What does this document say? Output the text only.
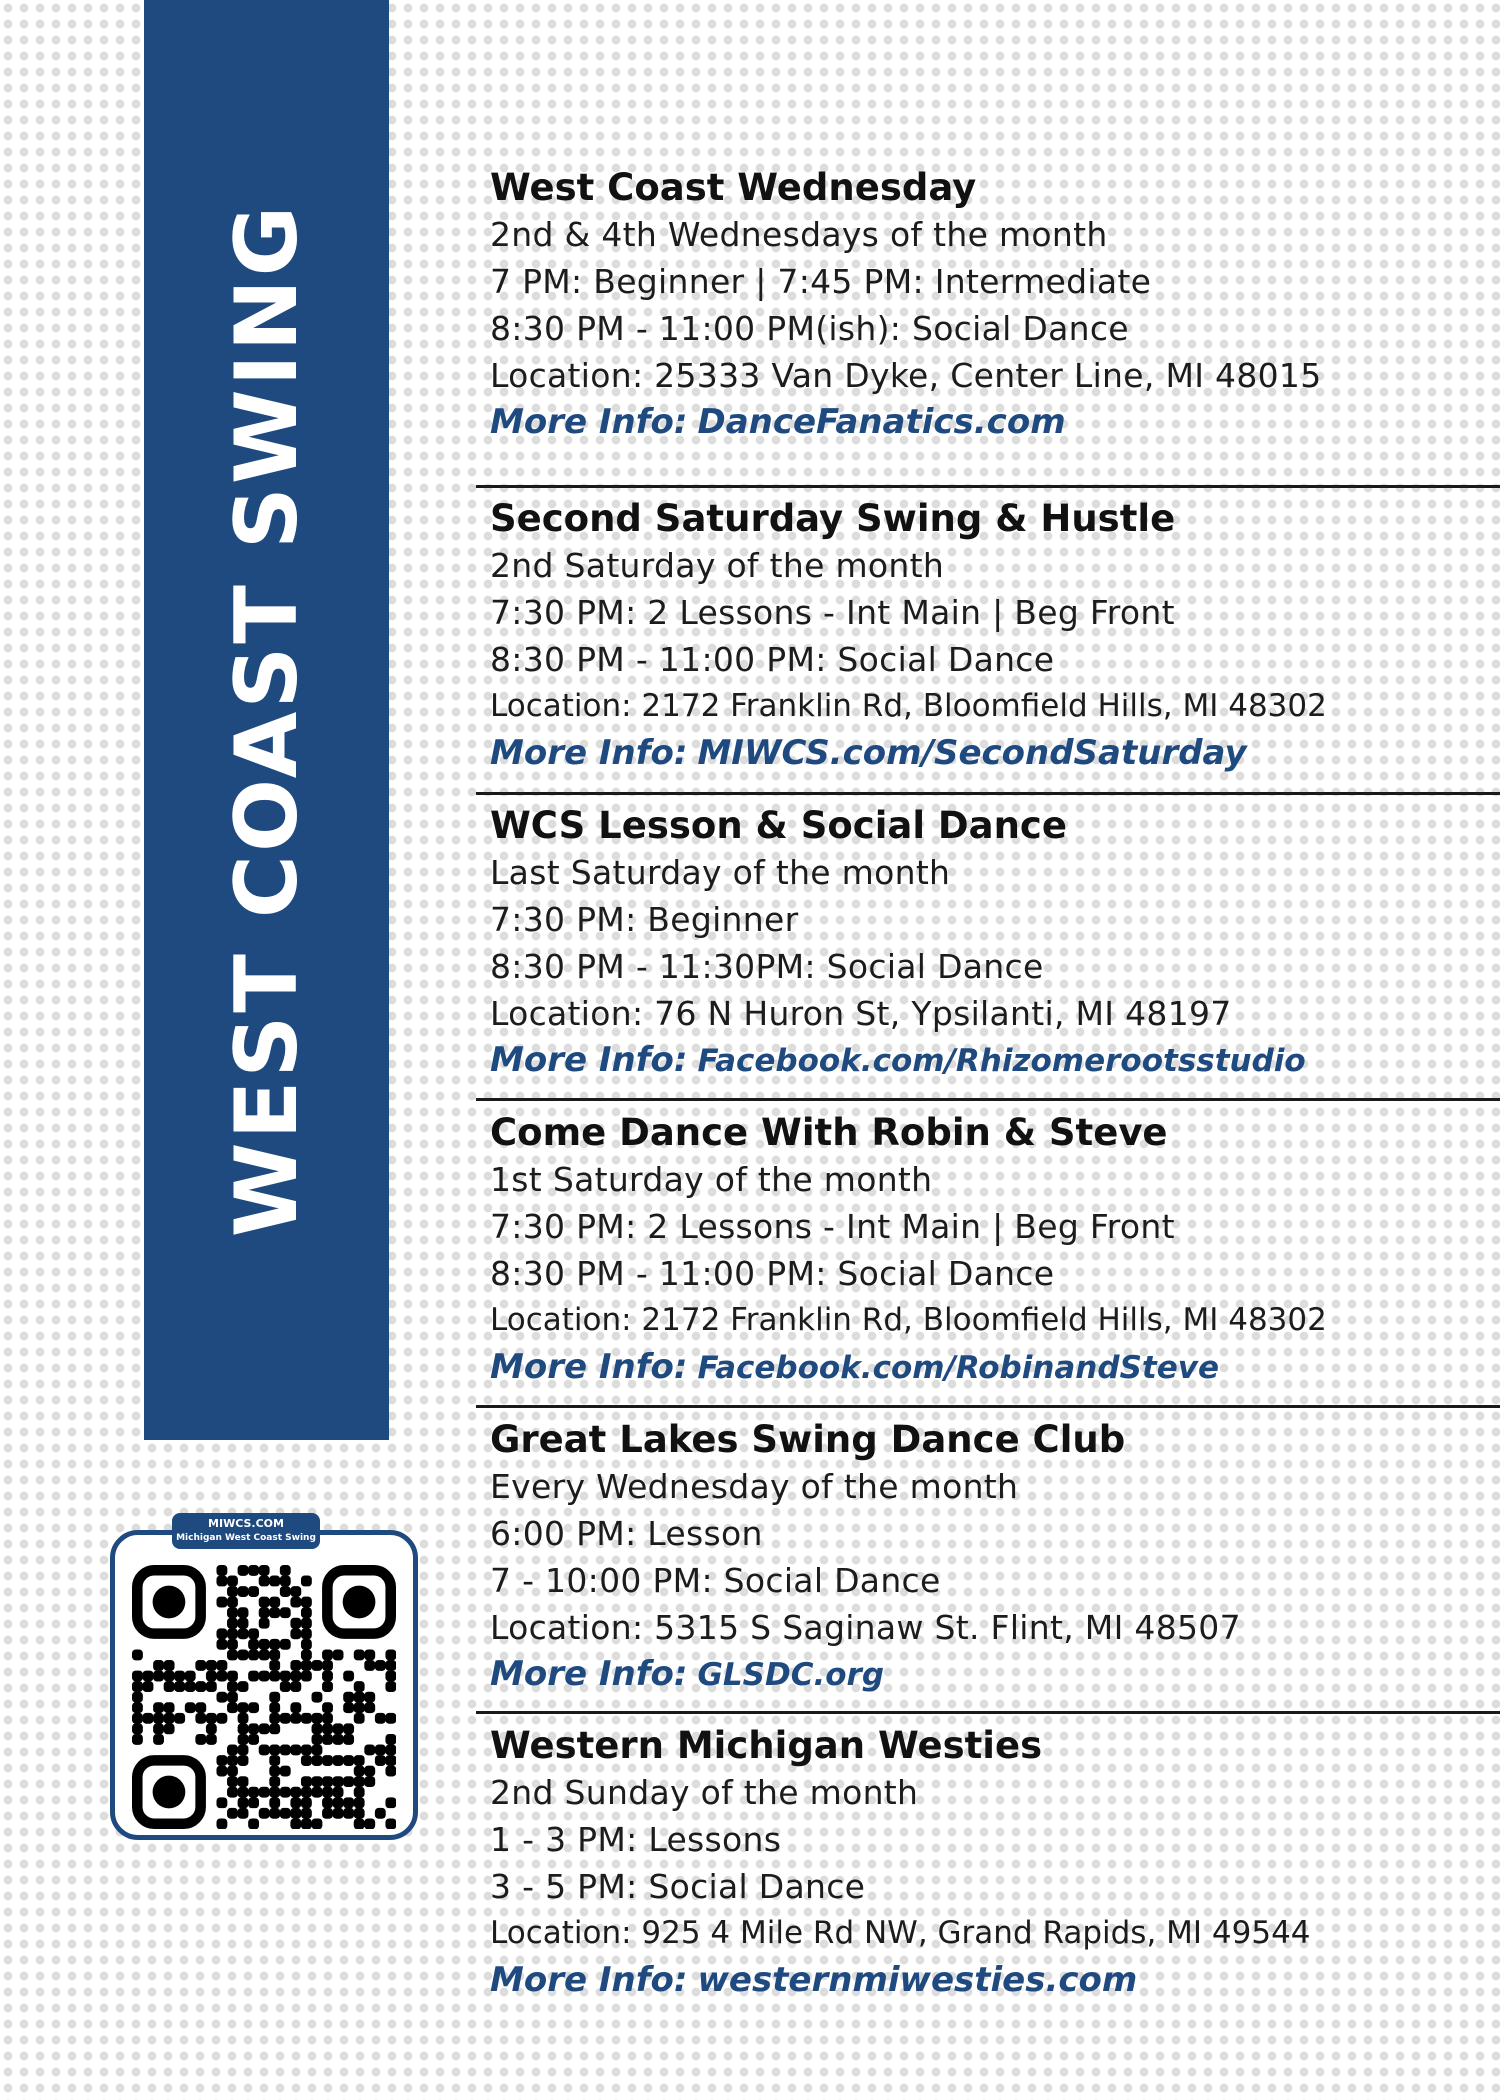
WEST COAST SWING
MIWCS.COM
Michigan West Coast Swing
West Coast Wednesday
2nd & 4th Wednesdays of the month
7 PM: Beginner | 7:45 PM: Intermediate
8:30 PM - 11:00 PM(ish): Social Dance
Location: 25333 Van Dyke, Center Line, MI 48015
More Info: DanceFanatics.com
Second Saturday Swing & Hustle
2nd Saturday of the month
7:30 PM: 2 Lessons - Int Main | Beg Front
8:30 PM - 11:00 PM: Social Dance
Location: 2172 Franklin Rd, Bloomfield Hills, MI 48302
More Info: MIWCS.com/SecondSaturday
WCS Lesson & Social Dance
Last Saturday of the month
7:30 PM: Beginner
8:30 PM - 11:30PM: Social Dance
Location: 76 N Huron St, Ypsilanti, MI 48197
More Info: Facebook.com/Rhizomerootsstudio
Come Dance With Robin & Steve
1st Saturday of the month
7:30 PM: 2 Lessons - Int Main | Beg Front
8:30 PM - 11:00 PM: Social Dance
Location: 2172 Franklin Rd, Bloomfield Hills, MI 48302
More Info: Facebook.com/RobinandSteve
Great Lakes Swing Dance Club
Every Wednesday of the month
6:00 PM: Lesson
7 - 10:00 PM: Social Dance
Location: 5315 S Saginaw St. Flint, MI 48507
More Info: GLSDC.org
Western Michigan Westies
2nd Sunday of the month
1 - 3 PM: Lessons
3 - 5 PM: Social Dance
Location: 925 4 Mile Rd NW, Grand Rapids, MI 49544
More Info: westernmiwesties.com
